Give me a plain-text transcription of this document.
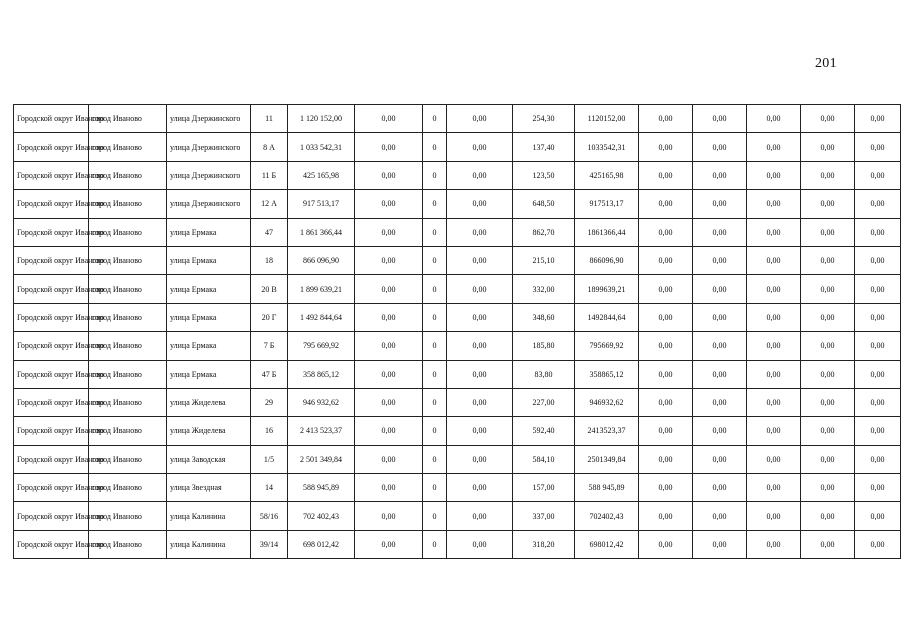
201
Городской округ Иваново	город Иваново	улица Дзержинского	11	1 120 152,00	0,00	0	0,00	254,30	1120152,00	0,00	0,00	0,00	0,00	0,00
Городской округ Иваново	город Иваново	улица Дзержинского	8 А	1 033 542,31	0,00	0	0,00	137,40	1033542,31	0,00	0,00	0,00	0,00	0,00
Городской округ Иваново	город Иваново	улица Дзержинского	11 Б	425 165,98	0,00	0	0,00	123,50	425165,98	0,00	0,00	0,00	0,00	0,00
Городской округ Иваново	город Иваново	улица Дзержинского	12 А	917 513,17	0,00	0	0,00	648,50	917513,17	0,00	0,00	0,00	0,00	0,00
Городской округ Иваново	город Иваново	улица Ермака	47	1 861 366,44	0,00	0	0,00	862,70	1861366,44	0,00	0,00	0,00	0,00	0,00
Городской округ Иваново	город Иваново	улица Ермака	18	866 096,90	0,00	0	0,00	215,10	866096,90	0,00	0,00	0,00	0,00	0,00
Городской округ Иваново	город Иваново	улица Ермака	20 В	1 899 639,21	0,00	0	0,00	332,00	1899639,21	0,00	0,00	0,00	0,00	0,00
Городской округ Иваново	город Иваново	улица Ермака	20 Г	1 492 844,64	0,00	0	0,00	348,60	1492844,64	0,00	0,00	0,00	0,00	0,00
Городской округ Иваново	город Иваново	улица Ермака	7 Б	795 669,92	0,00	0	0,00	185,80	795669,92	0,00	0,00	0,00	0,00	0,00
Городской округ Иваново	город Иваново	улица Ермака	47 Б	358 865,12	0,00	0	0,00	83,80	358865,12	0,00	0,00	0,00	0,00	0,00
Городской округ Иваново	город Иваново	улица Жиделева	29	946 932,62	0,00	0	0,00	227,00	946932,62	0,00	0,00	0,00	0,00	0,00
Городской округ Иваново	город Иваново	улица Жиделева	16	2 413 523,37	0,00	0	0,00	592,40	2413523,37	0,00	0,00	0,00	0,00	0,00
Городской округ Иваново	город Иваново	улица Заводская	1/5	2 501 349,84	0,00	0	0,00	584,10	2501349,84	0,00	0,00	0,00	0,00	0,00
Городской округ Иваново	город Иваново	улица Звездная	14	588 945,89	0,00	0	0,00	157,00	588 945,89	0,00	0,00	0,00	0,00	0,00
Городской округ Иваново	город Иваново	улица Калинина	58/16	702 402,43	0,00	0	0,00	337,00	702402,43	0,00	0,00	0,00	0,00	0,00
Городской округ Иваново	город Иваново	улица Калинина	39/14	698 012,42	0,00	0	0,00	318,20	698012,42	0,00	0,00	0,00	0,00	0,00
